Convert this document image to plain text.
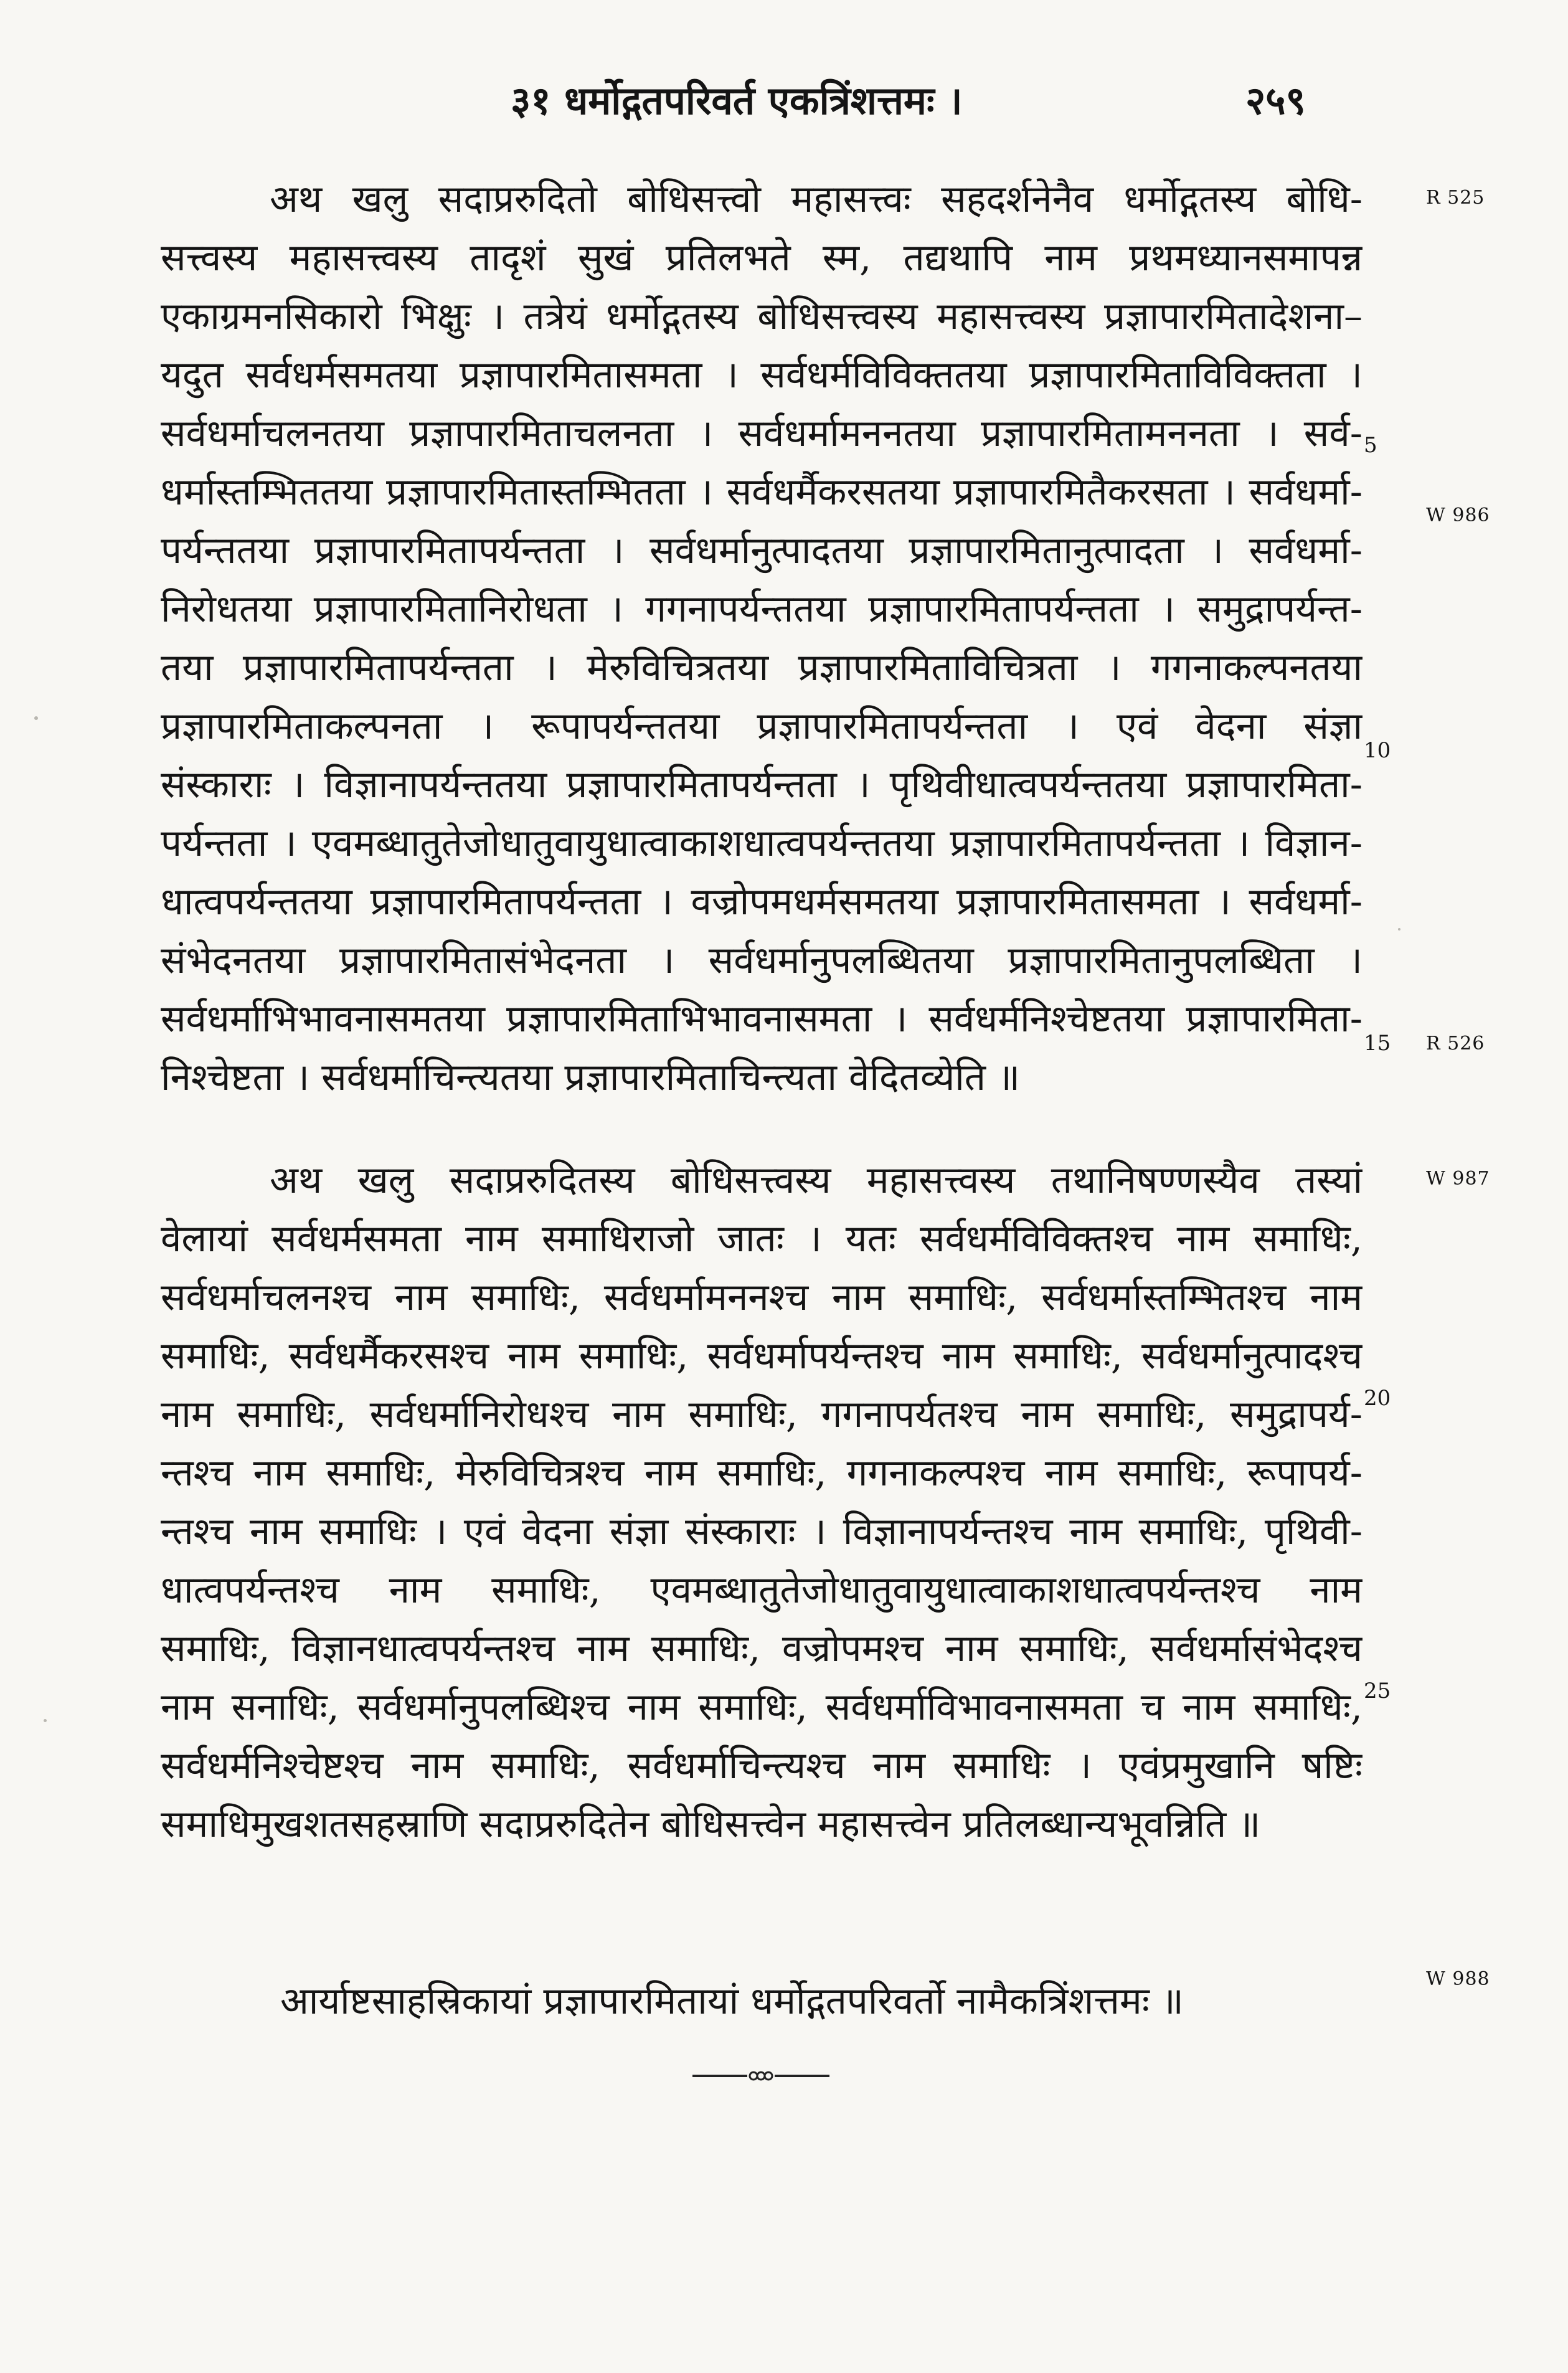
३१ धर्मोद्गतपरिवर्त एकत्रिंशत्तमः ।	२५९
अथ खलु सदाप्ररुदितो बोधिसत्त्वो महासत्त्वः सहदर्शनेनैव धर्मोद्गतस्य बोधि-
सत्त्वस्य महासत्त्वस्य तादृशं सुखं प्रतिलभते स्म, तद्यथापि नाम प्रथमध्यानसमापन्न
एकाग्रमनसिकारो भिक्षुः । तत्रेयं धर्मोद्गतस्य बोधिसत्त्वस्य महासत्त्वस्य प्रज्ञापारमितादेशना–
यदुत सर्वधर्मसमतया प्रज्ञापारमितासमता । सर्वधर्मविविक्ततया प्रज्ञापारमिताविविक्तता ।
सर्वधर्माचलनतया प्रज्ञापारमिताचलनता । सर्वधर्मामननतया प्रज्ञापारमितामननता । सर्व-
धर्मास्तम्भिततया प्रज्ञापारमितास्तम्भितता । सर्वधर्मैकरसतया प्रज्ञापारमितैकरसता । सर्वधर्मा-
पर्यन्ततया प्रज्ञापारमितापर्यन्तता । सर्वधर्मानुत्पादतया प्रज्ञापारमितानुत्पादता । सर्वधर्मा-
निरोधतया प्रज्ञापारमितानिरोधता । गगनापर्यन्ततया प्रज्ञापारमितापर्यन्तता । समुद्रापर्यन्त-
तया प्रज्ञापारमितापर्यन्तता । मेरुविचित्रतया प्रज्ञापारमिताविचित्रता । गगनाकल्पनतया
प्रज्ञापारमिताकल्पनता । रूपापर्यन्ततया प्रज्ञापारमितापर्यन्तता । एवं वेदना संज्ञा
संस्काराः । विज्ञानापर्यन्ततया प्रज्ञापारमितापर्यन्तता । पृथिवीधात्वपर्यन्ततया प्रज्ञापारमिता-
पर्यन्तता । एवमब्धातुतेजोधातुवायुधात्वाकाशधात्वपर्यन्ततया प्रज्ञापारमितापर्यन्तता । विज्ञान-
धात्वपर्यन्ततया प्रज्ञापारमितापर्यन्तता । वज्रोपमधर्मसमतया प्रज्ञापारमितासमता । सर्वधर्मा-
संभेदनतया प्रज्ञापारमितासंभेदनता । सर्वधर्मानुपलब्धितया प्रज्ञापारमितानुपलब्धिता ।
सर्वधर्माभिभावनासमतया प्रज्ञापारमिताभिभावनासमता । सर्वधर्मनिश्चेष्टतया प्रज्ञापारमिता-
निश्चेष्टता । सर्वधर्माचिन्त्यतया प्रज्ञापारमिताचिन्त्यता वेदितव्येति ॥
अथ खलु सदाप्ररुदितस्य बोधिसत्त्वस्य महासत्त्वस्य तथानिषण्णस्यैव तस्यां
वेलायां सर्वधर्मसमता नाम समाधिराजो जातः । यतः सर्वधर्मविविक्तश्च नाम समाधिः,
सर्वधर्माचलनश्च नाम समाधिः, सर्वधर्मामननश्च नाम समाधिः, सर्वधर्मास्तम्भितश्च नाम
समाधिः, सर्वधर्मैकरसश्च नाम समाधिः, सर्वधर्मापर्यन्तश्च नाम समाधिः, सर्वधर्मानुत्पादश्च
नाम समाधिः, सर्वधर्मानिरोधश्च नाम समाधिः, गगनापर्यतश्च नाम समाधिः, समुद्रापर्य-
न्तश्च नाम समाधिः, मेरुविचित्रश्च नाम समाधिः, गगनाकल्पश्च नाम समाधिः, रूपापर्य-
न्तश्च नाम समाधिः । एवं वेदना संज्ञा संस्काराः । विज्ञानापर्यन्तश्च नाम समाधिः, पृथिवी-
धात्वपर्यन्तश्च नाम समाधिः, एवमब्धातुतेजोधातुवायुधात्वाकाशधात्वपर्यन्तश्च नाम
समाधिः, विज्ञानधात्वपर्यन्तश्च नाम समाधिः, वज्रोपमश्च नाम समाधिः, सर्वधर्मासंभेदश्च
नाम सनाधिः, सर्वधर्मानुपलब्धिश्च नाम समाधिः, सर्वधर्माविभावनासमता च नाम समाधिः,
सर्वधर्मनिश्चेष्टश्च नाम समाधिः, सर्वधर्माचिन्त्यश्च नाम समाधिः । एवंप्रमुखानि षष्टिः
समाधिमुखशतसहस्राणि सदाप्ररुदितेन बोधिसत्त्वेन महासत्त्वेन प्रतिलब्धान्यभूवन्निति ॥
आर्याष्टसाहस्रिकायां प्रज्ञापारमितायां धर्मोद्गतपरिवर्तो नामैकत्रिंशत्तमः ॥
5
10
15
20
25
R 525
W 986
R 526
W 987
W 988
